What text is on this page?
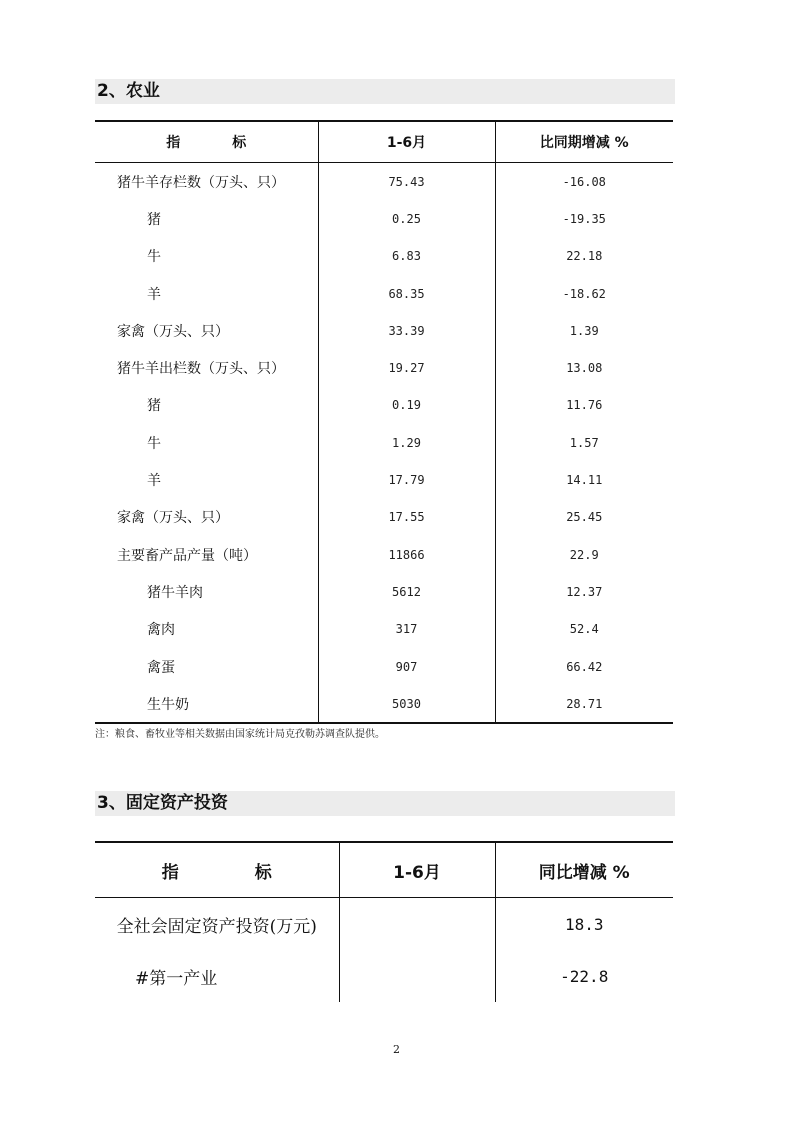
2、农业
指 标	1-6月	比同期增减 %
猪牛羊存栏数（万头、只）	75.43	-16.08
猪	0.25	-19.35
牛	6.83	22.18
羊	68.35	-18.62
家禽（万头、只）	33.39	1.39
猪牛羊出栏数（万头、只）	19.27	13.08
猪	0.19	11.76
牛	1.29	1.57
羊	17.79	14.11
家禽（万头、只）	17.55	25.45
主要畜产品产量（吨）	11866	22.9
猪牛羊肉	5612	12.37
禽肉	317	52.4
禽蛋	907	66.42
生牛奶	5030	28.71
注：粮食、畜牧业等相关数据由国家统计局克孜勒苏调查队提供。
3、固定资产投资
指 标	1-6月	同比增减 %
全社会固定资产投资(万元)		18.3
#第一产业		-22.8
2
